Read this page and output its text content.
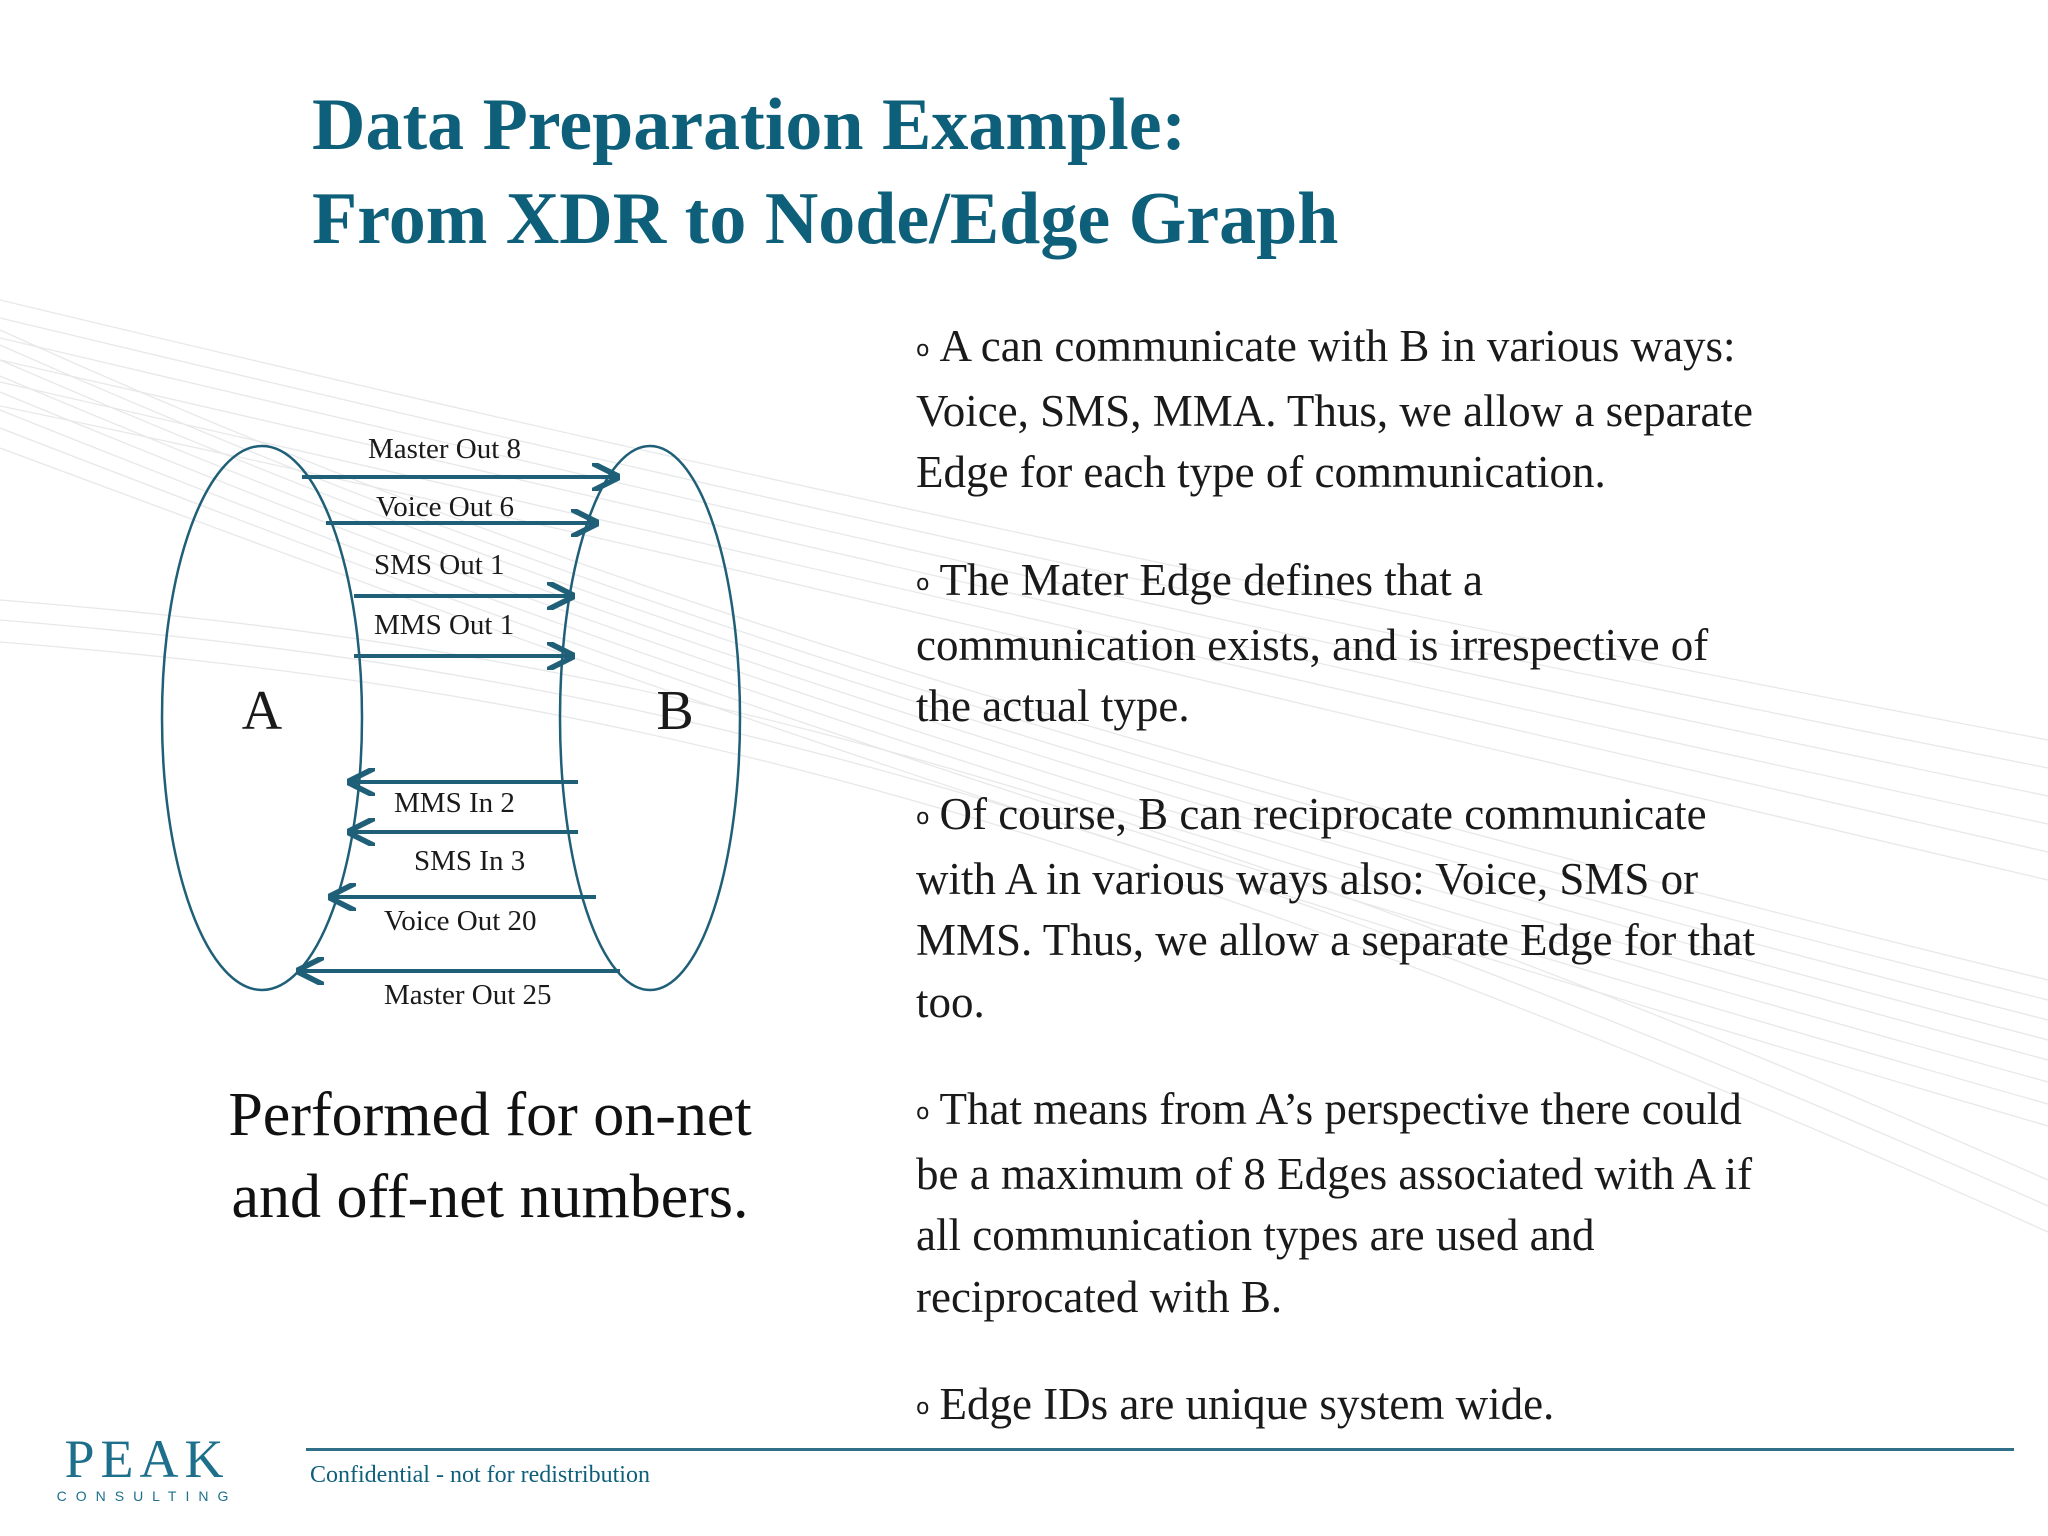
Data Preparation Example:
From XDR to Node/Edge Graph
A	B
Master Out 8
Voice Out 6
SMS Out 1
MMS Out 1
MMS In 2
SMS In 3
Voice Out 20
Master Out 25

Performed for on-net
and off-net numbers.

o A can communicate with B in various ways:
Voice, SMS, MMA. Thus, we allow a separate
Edge for each type of communication.
o The Mater Edge defines that a
communication exists, and is irrespective of
the actual type.
o Of course, B can reciprocate communicate
with A in various ways also: Voice, SMS or
MMS. Thus, we allow a separate Edge for that
too.
o That means from A’s perspective there could
be a maximum of 8 Edges associated with A if
all communication types are used and
reciprocated with B.
o Edge IDs are unique system wide.
Confidential - not for redistribution
PEAK
CONSULTING
